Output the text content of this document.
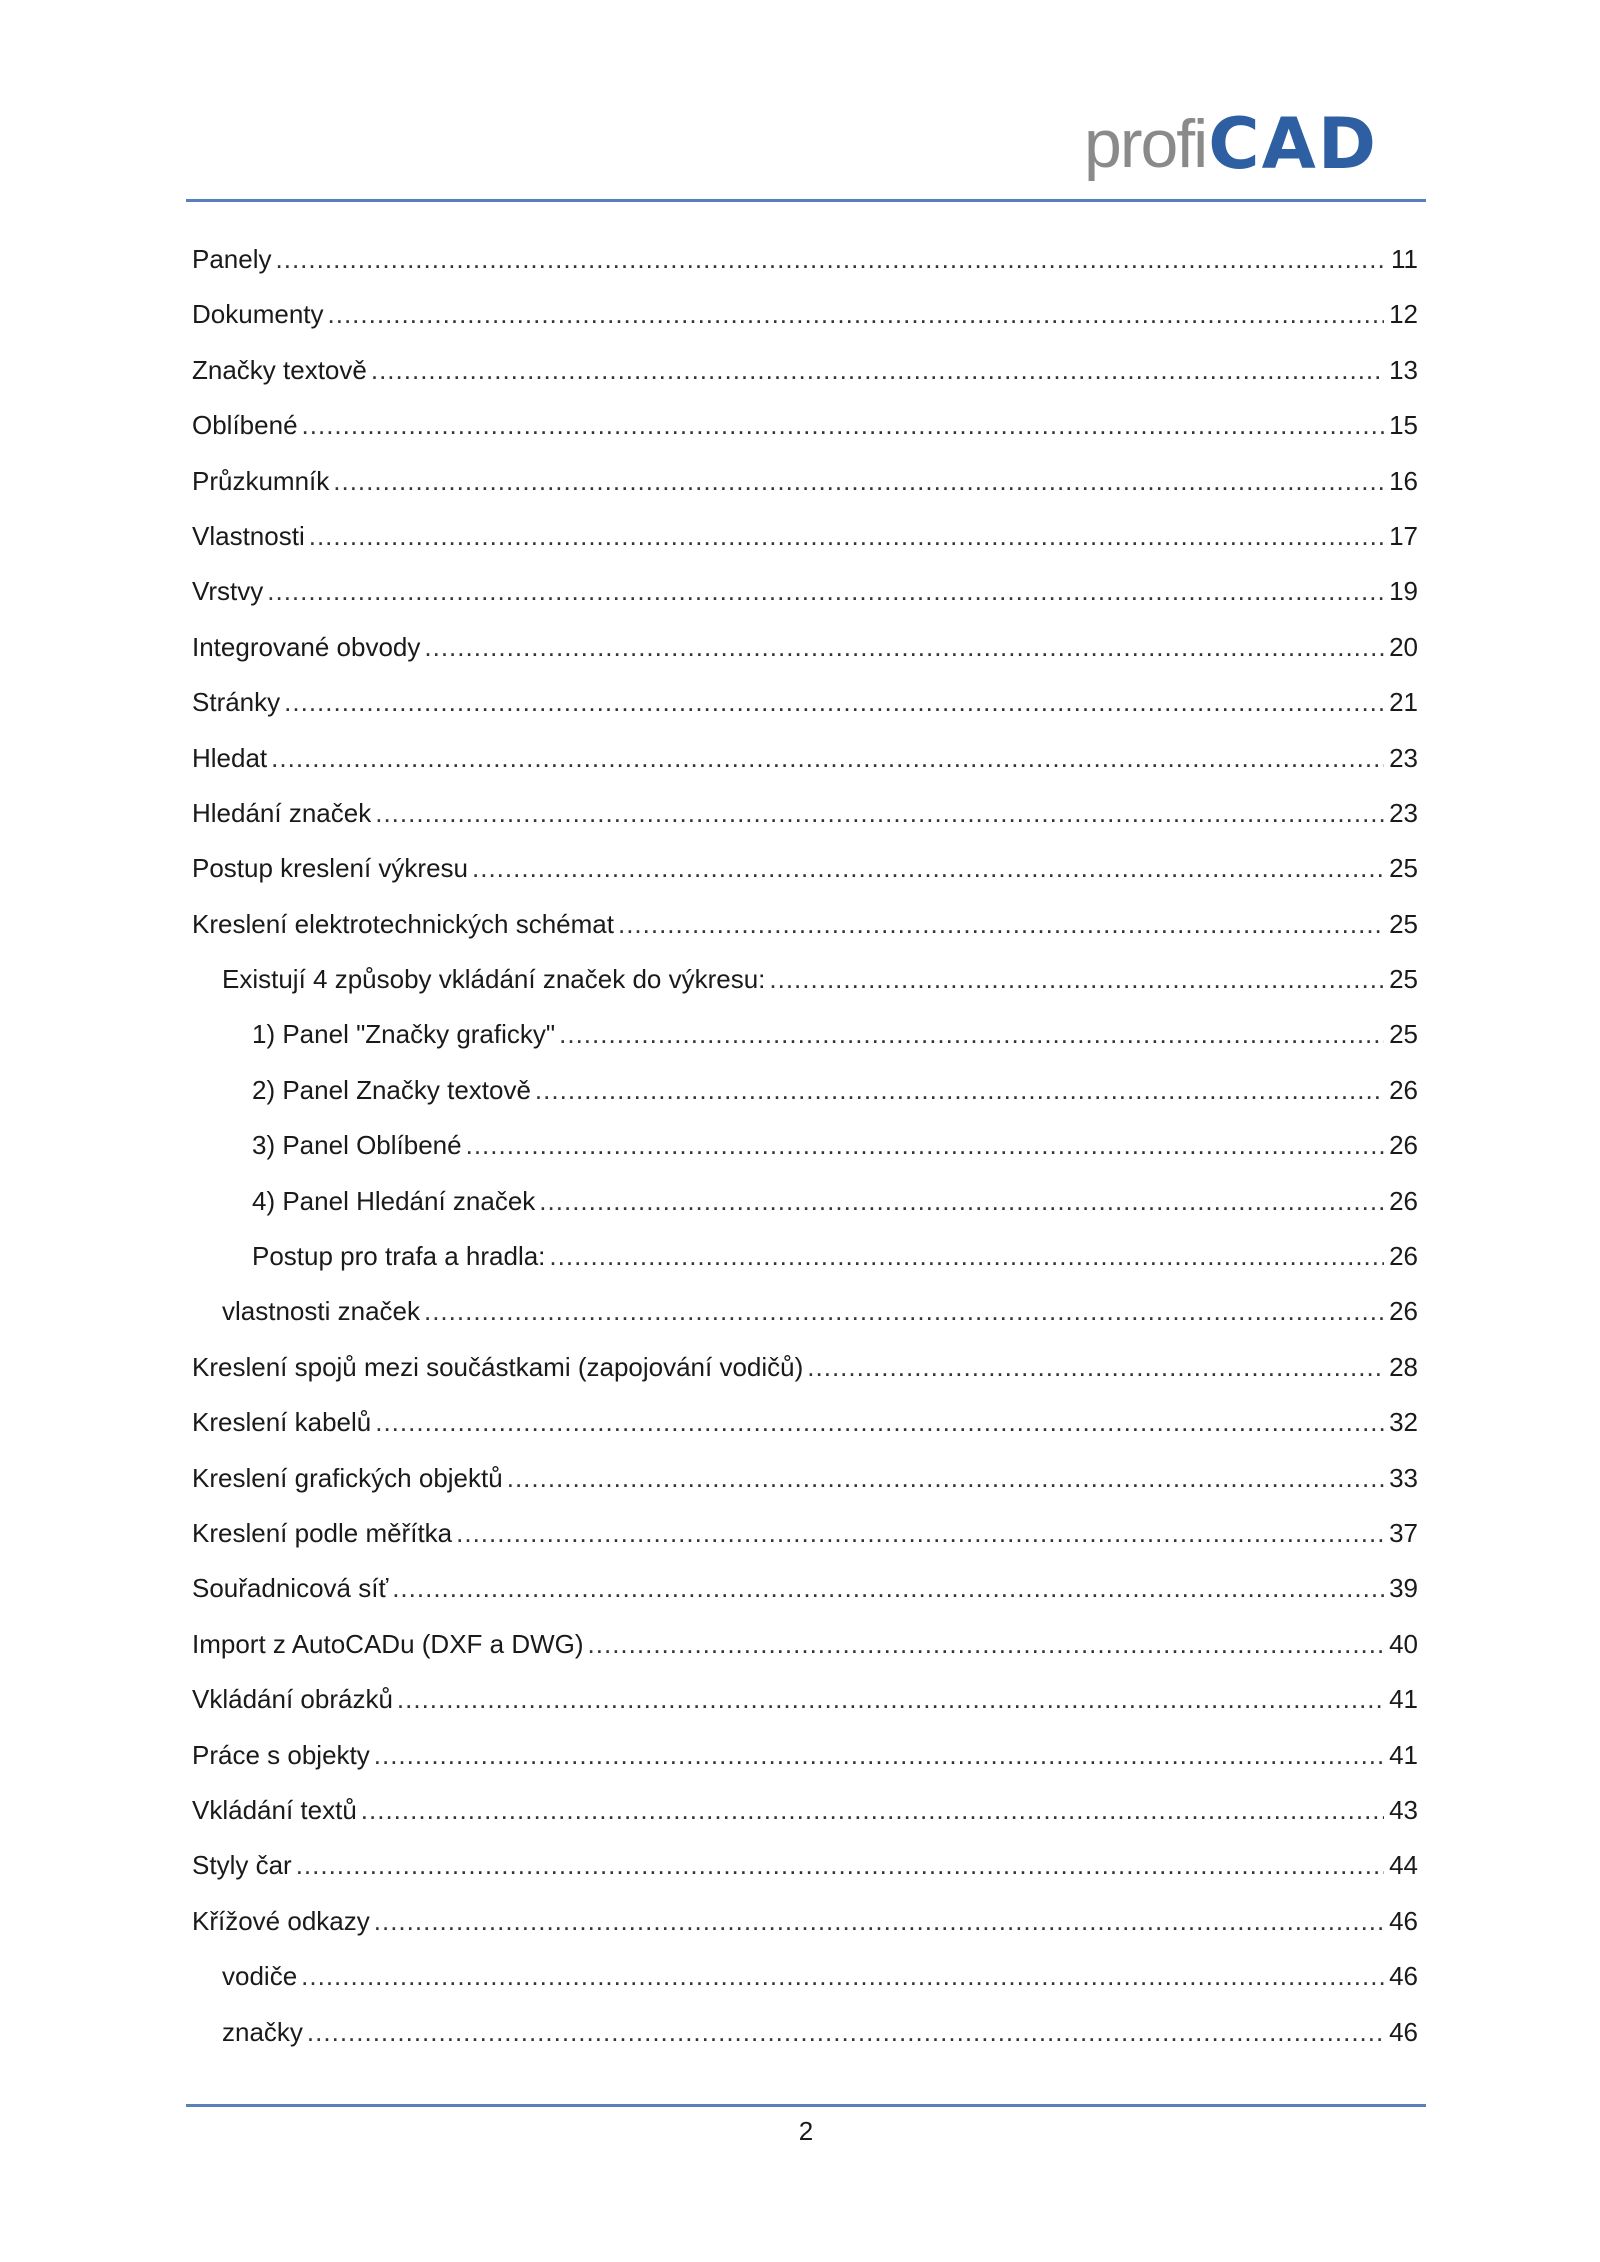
profi CAD
Panely .....	11
Dokumenty .....	12
Značky textově .....	13
Oblíbené .....	15
Průzkumník .....	16
Vlastnosti .....	17
Vrstvy .....	19
Integrované obvody .....	20
Stránky .....	21
Hledat .....	23
Hledání značek .....	23
Postup kreslení výkresu .....	25
Kreslení elektrotechnických schémat .....	25
Existují 4 způsoby vkládání značek do výkresu: .....	25
1) Panel "Značky graficky" .....	25
2) Panel Značky textově .....	26
3) Panel Oblíbené .....	26
4) Panel Hledání značek .....	26
Postup pro trafa a hradla: .....	26
vlastnosti značek .....	26
Kreslení spojů mezi součástkami (zapojování vodičů) .....	28
Kreslení kabelů .....	32
Kreslení grafických objektů .....	33
Kreslení podle měřítka .....	37
Souřadnicová síť .....	39
Import z AutoCADu (DXF a DWG) .....	40
Vkládání obrázků .....	41
Práce s objekty .....	41
Vkládání textů .....	43
Styly čar .....	44
Křížové odkazy .....	46
vodiče .....	46
značky .....	46
2
